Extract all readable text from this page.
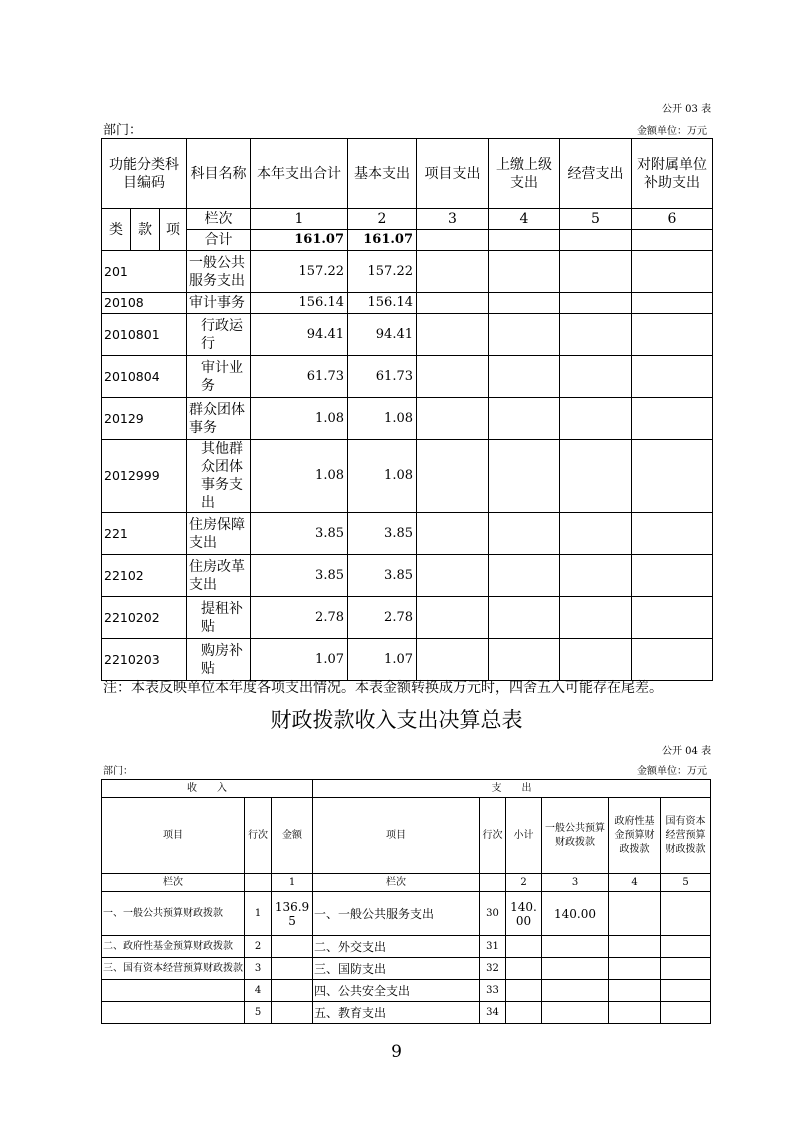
公开 03 表
部门：	金额单位：万元
功能分类科目编码			科目名称	本年支出合计	基本支出	项目支出	上缴上级支出	经营支出	对附属单位补助支出
类	款	项	栏次	1	2	3	4	5	6
			合计	161.07	161.07				
201			一般公共服务支出	157.22	157.22				
20108			审计事务	156.14	156.14				
2010801			行政运行	94.41	94.41				
2010804			审计业务	61.73	61.73				
20129			群众团体事务	1.08	1.08				
2012999			其他群众团体事务支出	1.08	1.08				
221			住房保障支出	3.85	3.85				
22102			住房改革支出	3.85	3.85				
2210202			提租补贴	2.78	2.78				
2210203			购房补贴	1.07	1.07				
注：本表反映单位本年度各项支出情况。本表金额转换成万元时，四舍五入可能存在尾差。
财政拨款收入支出决算总表
公开 04 表
部门：	金额单位：万元
收　　入			支　　出					
项目	行次	金额	项目	行次	小计	一般公共预算财政拨款	政府性基金预算财政拨款	国有资本经营预算财政拨款
栏次		1	栏次		2	3	4	5
一、一般公共预算财政拨款	1	136.95	一、一般公共服务支出	30	140.00	140.00		
二、政府性基金预算财政拨款	2		二、外交支出	31				
三、国有资本经营预算财政拨款	3		三、国防支出	32				
	4		四、公共安全支出	33				
	5		五、教育支出	34				
9
